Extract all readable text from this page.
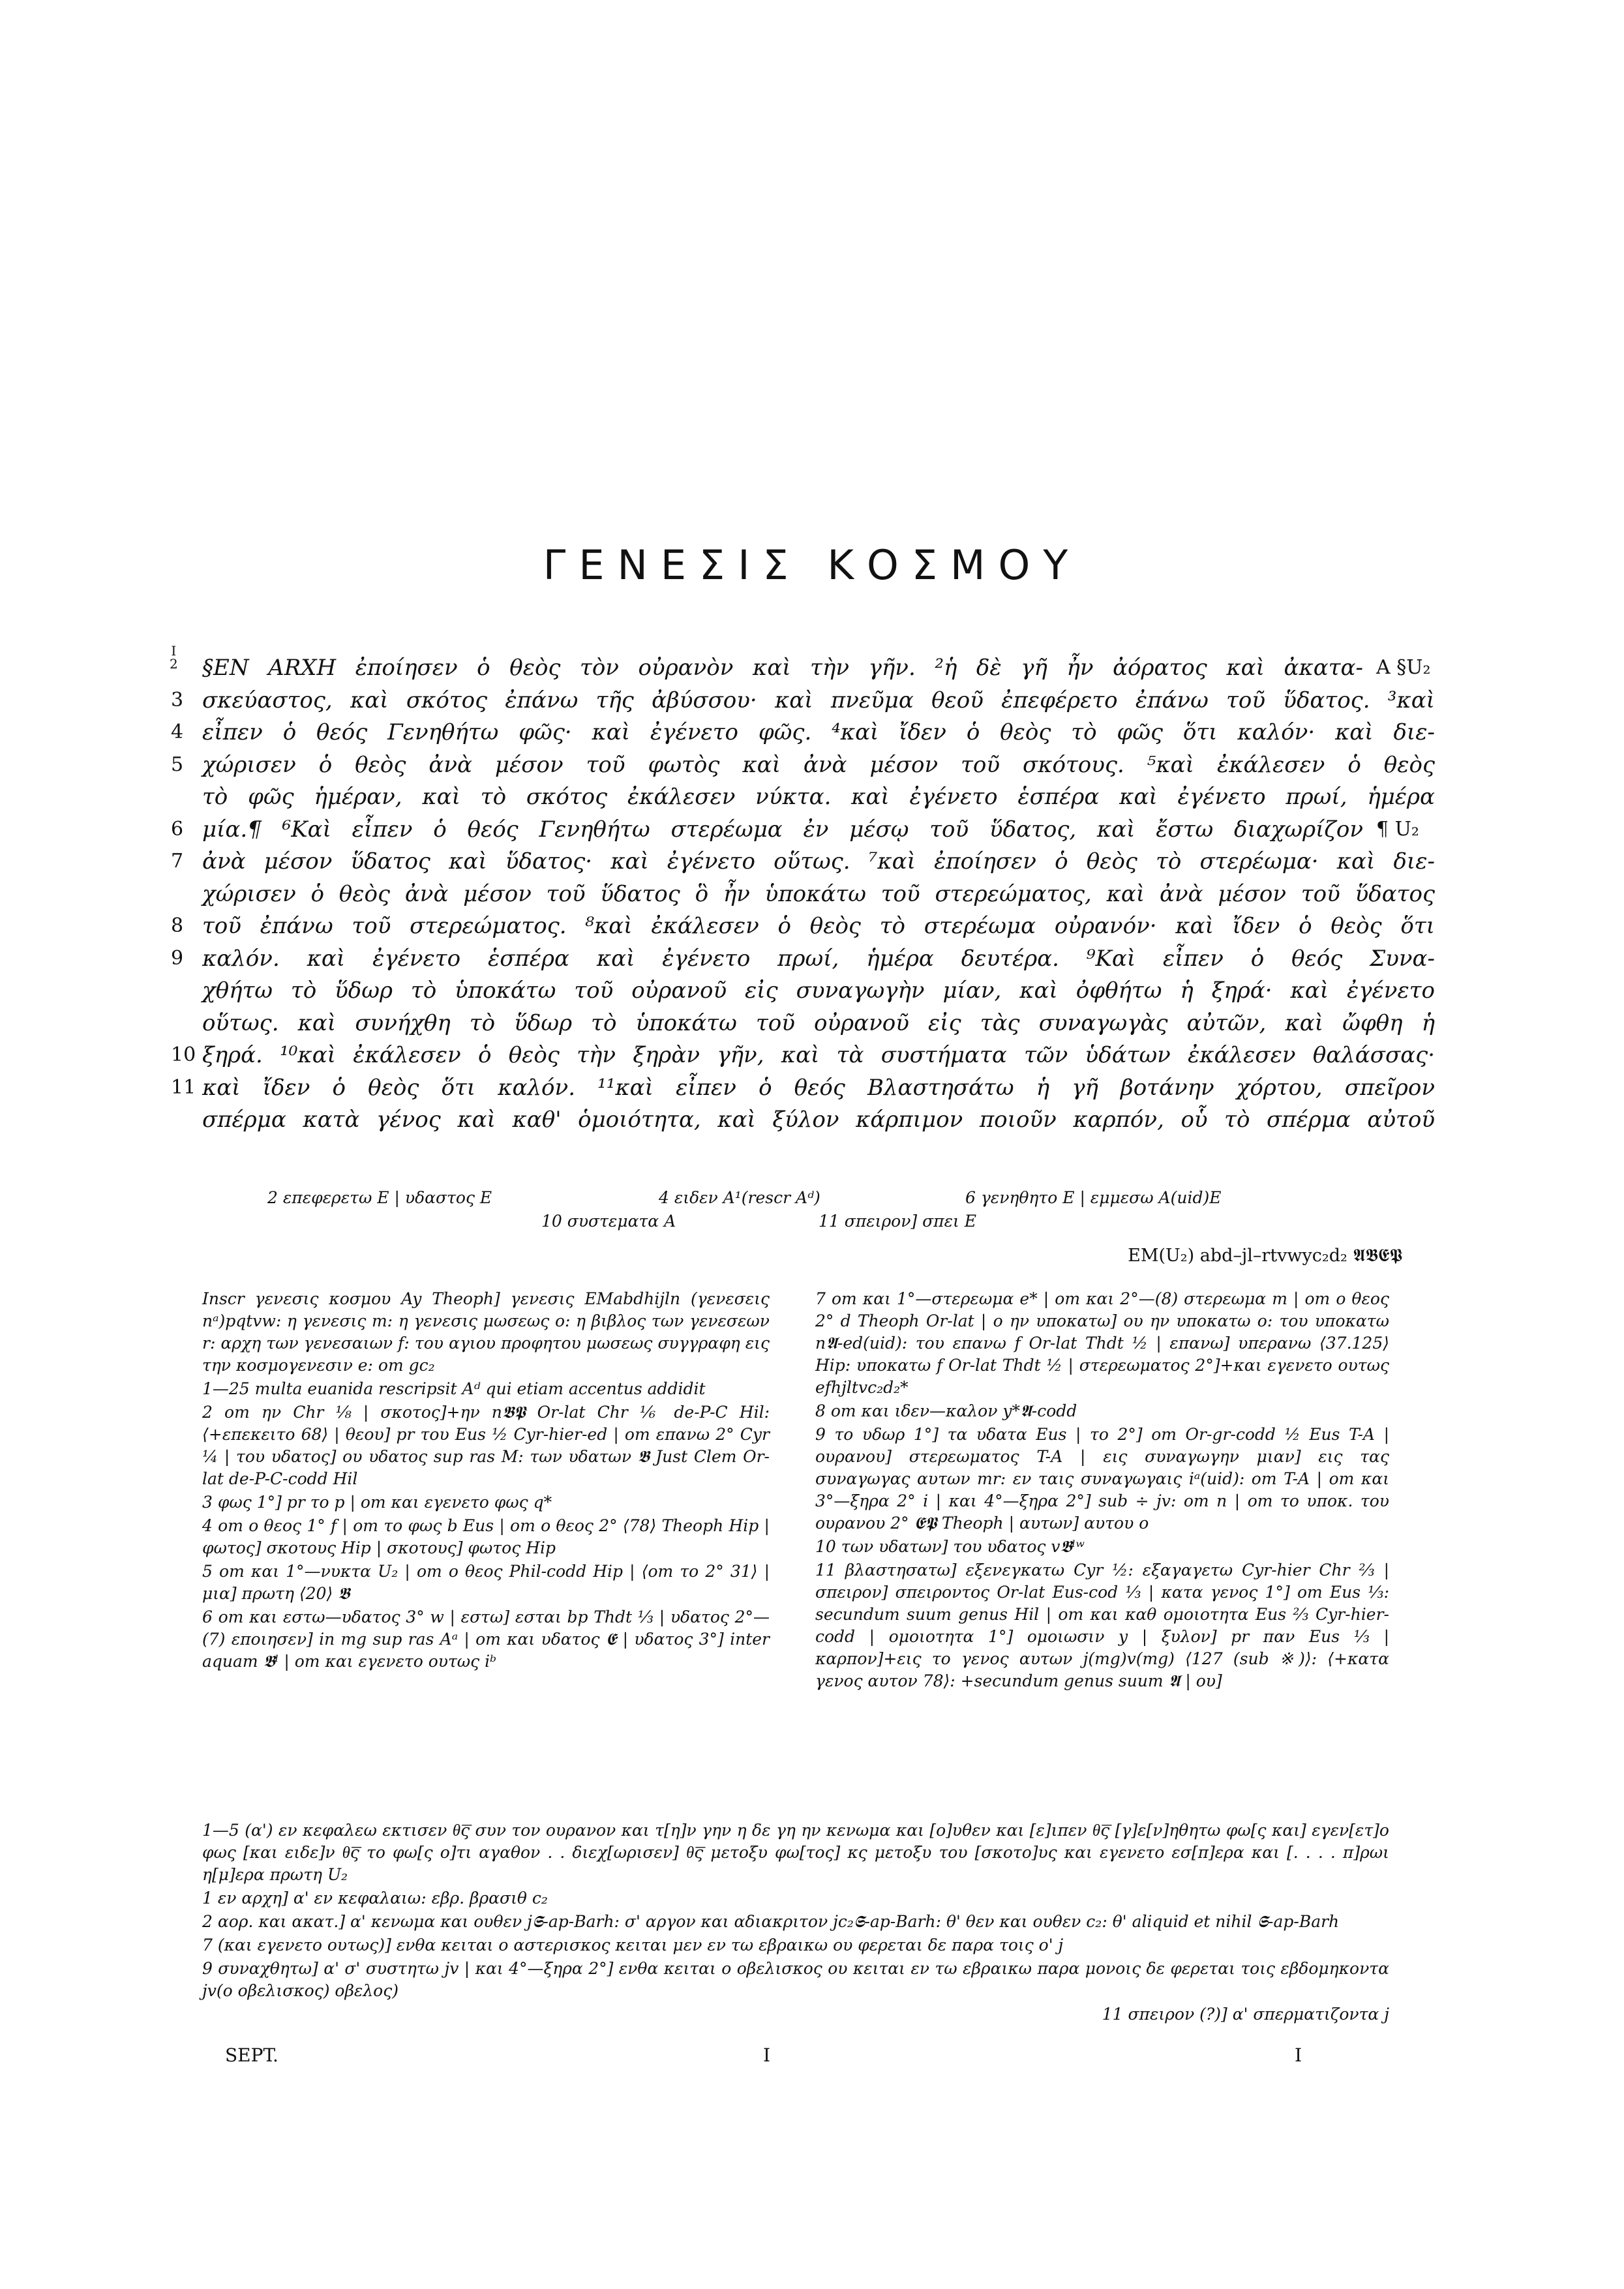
ΓΕΝΕΣΙΣ ΚΟΣΜΟΥ
§EN ARXH ἐποίησεν ὁ θεὸς τὸν οὐρανὸν καὶ τὴν γῆν. ²ἡ δὲ γῆ ἦν ἀόρατος καὶ ἀκατα- A §U₂
σκεύαστος, καὶ σκότος ἐπάνω τῆς ἀβύσσου· καὶ πνεῦμα θεοῦ ἐπεφέρετο ἐπάνω τοῦ ὕδατος. ³καὶ
3
εἶπεν ὁ θεός Γενηθήτω φῶς· καὶ ἐγένετο φῶς. ⁴καὶ ἴδεν ὁ θεὸς τὸ φῶς ὅτι καλόν· καὶ διε-
4
χώρισεν ὁ θεὸς ἀνὰ μέσον τοῦ φωτὸς καὶ ἀνὰ μέσον τοῦ σκότους. ⁵καὶ ἐκάλεσεν ὁ θεὸς
5
τὸ φῶς ἡμέραν, καὶ τὸ σκότος ἐκάλεσεν νύκτα. καὶ ἐγένετο ἑσπέρα καὶ ἐγένετο πρωί, ἡμέρα
μία.¶ ⁶Καὶ εἶπεν ὁ θεός Γενηθήτω στερέωμα ἐν μέσῳ τοῦ ὕδατος, καὶ ἔστω διαχωρίζον
6	¶ U₂
ἀνὰ μέσον ὕδατος καὶ ὕδατος· καὶ ἐγένετο οὕτως. ⁷καὶ ἐποίησεν ὁ θεὸς τὸ στερέωμα· καὶ διε-
7
χώρισεν ὁ θεὸς ἀνὰ μέσον τοῦ ὕδατος ὃ ἦν ὑποκάτω τοῦ στερεώματος, καὶ ἀνὰ μέσον τοῦ ὕδατος
τοῦ ἐπάνω τοῦ στερεώματος. ⁸καὶ ἐκάλεσεν ὁ θεὸς τὸ στερέωμα οὐρανόν· καὶ ἴδεν ὁ θεὸς ὅτι
8
καλόν. καὶ ἐγένετο ἑσπέρα καὶ ἐγένετο πρωί, ἡμέρα δευτέρα. ⁹Καὶ εἶπεν ὁ θεός Συνα-
9
χθήτω τὸ ὕδωρ τὸ ὑποκάτω τοῦ οὐρανοῦ εἰς συναγωγὴν μίαν, καὶ ὀφθήτω ἡ ξηρά· καὶ ἐγένετο
οὕτως. καὶ συνήχθη τὸ ὕδωρ τὸ ὑποκάτω τοῦ οὐρανοῦ εἰς τὰς συναγωγὰς αὐτῶν, καὶ ὤφθη ἡ
ξηρά. ¹⁰καὶ ἐκάλεσεν ὁ θεὸς τὴν ξηρὰν γῆν, καὶ τὰ συστήματα τῶν ὑδάτων ἐκάλεσεν θαλάσσας·
10
καὶ ἴδεν ὁ θεὸς ὅτι καλόν. ¹¹καὶ εἶπεν ὁ θεός Βλαστησάτω ἡ γῆ βοτάνην χόρτου, σπεῖρον
11
σπέρμα κατὰ γένος καὶ καθ' ὁμοιότητα, καὶ ξύλον κάρπιμον ποιοῦν καρπόν, οὗ τὸ σπέρμα αὐτοῦ
I
2
2 επεφερετω E | υδαστος E	4 ειδεν A¹(rescr Aᵈ)	6 γενηθητο E | εμμεσω A(uid)E
10 συστεματα A	11 σπειρον] σπει E
EM(U₂) abd–jl–rtvwyc₂d₂ 𝕬𝕭𝕰𝕻

Inscr γενεσις κοσμου Ay Theoph] γενεσις EMabdhijln (γενεσεις nᵃ)pqtvw: η γενεσις m: η γενεσις μωσεως o: η βιβλος των γενεσεων r: αρχη των γενεσαιων f: του αγιου προφητου μωσεως συγγραφη εις την κοσμογενεσιν e: om gc₂

1—25 multa euanida rescripsit Aᵈ qui etiam accentus addidit

2 om ην Chr ⅛ | σκοτος]+ην n𝕭𝕻 Or-lat Chr ⅙ de-P-C Hil: ⟨+επεκειτο 68⟩ | θεου] pr του Eus ½ Cyr-hier-ed | om επανω 2° Cyr ¼ | του υδατος] ου υδατος sup ras M: των υδατων 𝕭 Just Clem Or-lat de-P-C-codd Hil

3 φως 1°] pr το p | om και εγενετο φως q*

4 om ο θεος 1° f | om το φως b Eus | om ο θεος 2° ⟨78⟩ Theoph Hip | φωτος] σκοτους Hip | σκοτους] φωτος Hip

5 om και 1°—νυκτα U₂ | om ο θεος Phil-codd Hip | ⟨om το 2° 31⟩ | μια] πρωτη ⟨20⟩ 𝕭

6 om και εστω—υδατος 3° w | εστω] εσται bp Thdt ⅓ | υδατος 2°—(7) εποιησεν] in mg sup ras Aᵃ | om και υδατος 𝕰 | υδατος 3°] inter aquam 𝕭ˡ | om και εγενετο ουτως iᵇ

7 om και 1°—στερεωμα e* | om και 2°—(8) στερεωμα m | om ο θεος 2° d Theoph Or-lat | ο ην υποκατω] ου ην υποκατω o: του υποκατω n𝕬-ed(uid): του επανω f Or-lat Thdt ½ | επανω] υπερανω ⟨37.125⟩ Hip: υποκατω f Or-lat Thdt ½ | στερεωματος 2°]+και εγενετο ουτως efhjltvc₂d₂*

8 om και ιδεν—καλον y*𝕬-codd

9 το υδωρ 1°] τα υδατα Eus | το 2°] om Or-gr-codd ½ Eus T-A | ουρανου] στερεωματος T-A | εις συναγωγην μιαν] εις τας συναγωγας αυτων mr: εν ταις συναγωγαις iᵃ(uid): om T-A | om και 3°—ξηρα 2° i | και 4°—ξηρα 2°] sub ÷ jv: om n | om το υποκ. του ουρανου 2° 𝕰𝕻 Theoph | αυτων] αυτου o

10 των υδατων] του υδατος v𝕭ˡʷ

11 βλαστησατω] εξενεγκατω Cyr ½: εξαγαγετω Cyr-hier Chr ⅔ | σπειρον] σπειροντος Or-lat Eus-cod ⅓ | κατα γενος 1°] om Eus ⅓: secundum suum genus Hil | om και καθ ομοιοτητα Eus ⅔ Cyr-hier-codd | ομοιοτητα 1°] ομοιωσιν y | ξυλον] pr παν Eus ⅓ | καρπον]+εις το γενος αυτων j(mg)v(mg) ⟨127 (sub ※)⟩: ⟨+κατα γενος αυτον 78⟩: +secundum genus suum 𝕬 | ου]

1—5 (α') εν κεφαλεω εκτισεν θ͞ς συν τον ουρανον και τ[η]ν γην η δε γη ην κενωμα και [ο]υθεν και [ε]ιπεν θ͞ς [γ]ε[ν]ηθητω φω[ς και] εγεν[ετ]ο φως [και ειδε]ν θ͞ς το φω[ς ο]τι αγαθον . . διεχ[ωρισεν] θ͞ς μετοξυ φω[τος] κς μετοξυ του [σκοτο]υς και εγενετο εσ[π]ερα και [. . . . π]ρωι η[μ]ερα πρωτη U₂

1 εν αρχη] α' εν κεφαλαιω: εβρ. βρασιθ c₂

2 αορ. και ακατ.] α' κενωμα και ουθεν j𝕾-ap-Barh: σ' αργον και αδιακριτον jc₂𝕾-ap-Barh: θ' θεν και ουθεν c₂: θ' aliquid et nihil 𝕾-ap-Barh

7 (και εγενετο ουτως)] ενθα κειται ο αστερισκος κειται μεν εν τω εβραικω ου φερεται δε παρα τοις ο' j

9 συναχθητω] α' σ' συστητω jv | και 4°—ξηρα 2°] ενθα κειται ο οβελισκος ου κειται εν τω εβραικω παρα μονοις δε φερεται τοις εβδομηκοντα jv(ο οβελισκος) οβελος)

11 σπειρον (?)] α' σπερματιζοντα j

SEPT.	I	I
